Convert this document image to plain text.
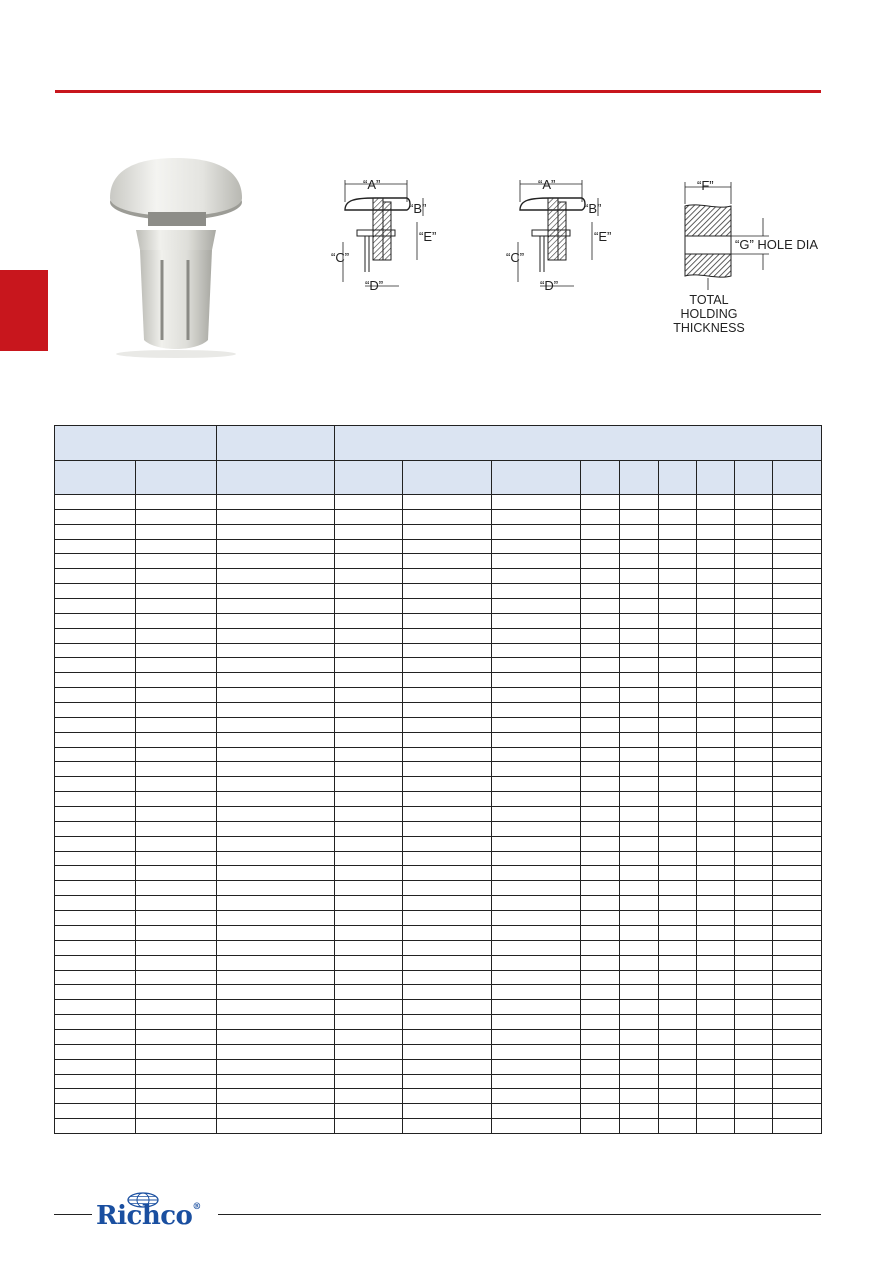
“A”
“B”
“E”
“C”
“D”
“A”
“B”
“E”
“C”
“D”
“F”
“G” HOLE DIA
TOTAL
HOLDING
THICKNESS

Richco®
